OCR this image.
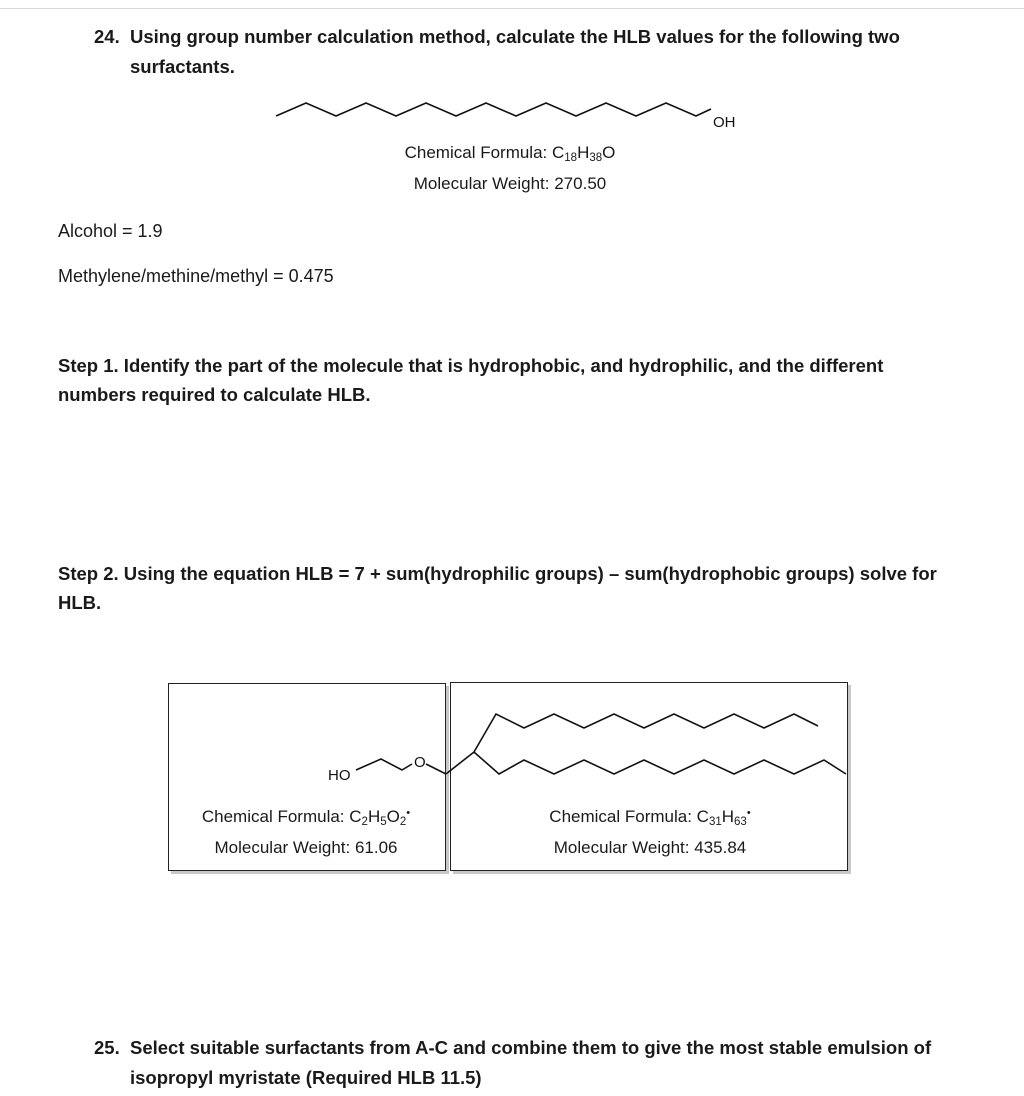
24. Using group number calculation method, calculate the HLB values for the following two
surfactants.
OH
Chemical Formula: $C_{18}H_{38}O$
Molecular Weight: 270.50
Alcohol = 1.9
Methylene/methine/methyl = 0.475
Step 1. Identify the part of the molecule that is hydrophobic, and hydrophilic, and the different
numbers required to calculate HLB.
Step 2. Using the equation HLB = 7 + sum(hydrophilic groups) – sum(hydrophobic groups) solve for
HLB.
HO
O
Chemical Formula: $C_2H_5O_2^•$
Molecular Weight: 61.06
Chemical Formula: $C_{31}H_{63}^•$
Molecular Weight: 435.84
25. Select suitable surfactants from A-C and combine them to give the most stable emulsion of
isopropyl myristate (Required HLB 11.5)
